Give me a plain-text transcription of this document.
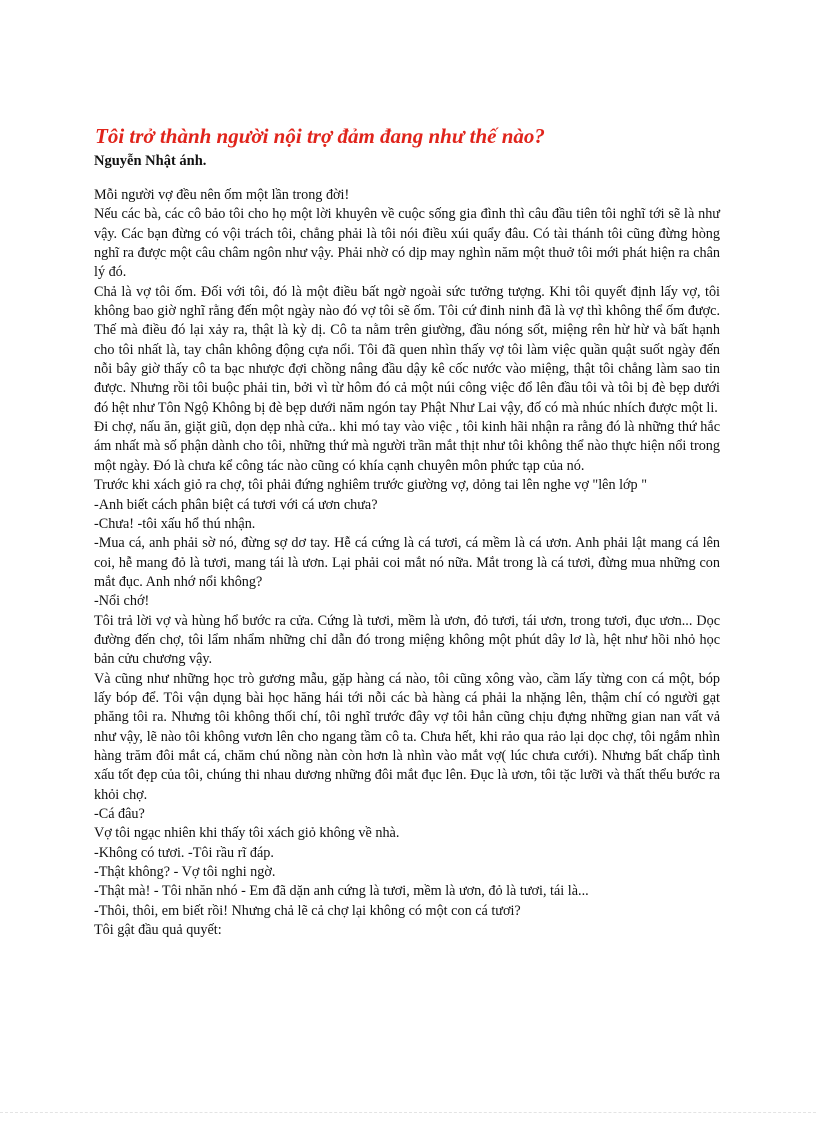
Tôi trở thành người nội trợ đảm đang như thế nào?
Nguyễn Nhật ánh.

Mỗi người vợ đều nên ốm một lần trong đời!

Nếu các bà, các cô bảo tôi cho họ một lời khuyên về cuộc sống gia đình thì câu đầu tiên tôi nghĩ tới sẽ là như vậy. Các bạn đừng có vội trách tôi, chẳng phải là tôi nói điều xúi quẩy đâu. Có tài thánh tôi cũng đừng hòng nghĩ ra được một câu châm ngôn như vậy. Phải nhờ có dịp may nghìn năm một thuở tôi mới phát hiện ra chân lý đó.

Chả là vợ tôi ốm. Đối với tôi, đó là một điều bất ngờ ngoài sức tưởng tượng. Khi tôi quyết định lấy vợ, tôi không bao giờ nghĩ rằng đến một ngày nào đó vợ tôi sẽ ốm. Tôi cứ đinh ninh đã là vợ thì không thể ốm được. Thế mà điều đó lại xảy ra, thật là kỳ dị. Cô ta nằm trên giường, đầu nóng sốt, miệng rên hừ hừ và bất hạnh cho tôi nhất là, tay chân không động cựa nổi. Tôi đã quen nhìn thấy vợ tôi làm việc quần quật suốt ngày đến nỗi bây giờ thấy cô ta bạc nhược đợi chồng nâng đầu dậy kê cốc nước vào miệng, thật tôi chẳng làm sao tin được. Nhưng rồi tôi buộc phải tin, bởi vì từ hôm đó cả một núi công việc đổ lên đầu tôi và tôi bị đè bẹp dưới đó hệt như Tôn Ngộ Không bị đè bẹp dưới năm ngón tay Phật Như Lai vậy, đố có mà nhúc nhích được một li.

Đi chợ, nấu ăn, giặt giũ, dọn dẹp nhà cửa.. khi mó tay vào việc , tôi kinh hãi nhận ra rằng đó là những thứ hắc ám nhất mà số phận dành cho tôi, những thứ mà người trần mắt thịt như tôi không thể nào thực hiện nổi trong một ngày. Đó là chưa kể công tác nào cũng có khía cạnh chuyên môn phức tạp của nó.

Trước khi xách giỏ ra chợ, tôi phải đứng nghiêm trước giường vợ, dỏng tai lên nghe vợ "lên lớp "

-Anh biết cách phân biệt cá tươi với cá ươn chưa?

-Chưa! -tôi xấu hổ thú nhận.

-Mua cá, anh phải sờ nó, đừng sợ dơ tay. Hễ cá cứng là cá tươi, cá mềm là cá ươn. Anh phải lật mang cá lên coi, hễ mang đỏ là tươi, mang tái là ươn. Lại phải coi mắt nó nữa. Mắt trong là cá tươi, đừng mua những con mắt đục. Anh nhớ nổi không?

-Nổi chớ!

Tôi trả lời vợ và hùng hổ bước ra cửa. Cứng là tươi, mềm là ươn, đỏ tươi, tái ươn, trong tươi, đục ươn... Dọc đường đến chợ, tôi lẩm nhẩm những chỉ dẫn đó trong miệng không một phút dây lơ là, hệt như hồi nhỏ học bản cửu chương vậy.

Và cũng như những học trò gương mẫu, gặp hàng cá nào, tôi cũng xông vào, cầm lấy từng con cá một, bóp lấy bóp để. Tôi vận dụng bài học hăng hái tới nỗi các bà hàng cá phải la nhặng lên, thậm chí có người gạt phăng tôi ra. Nhưng tôi không thối chí, tôi nghĩ trước đây vợ tôi hẳn cũng chịu đựng những gian nan vất vả như vậy, lẽ nào tôi không vươn lên cho ngang tầm cô ta. Chưa hết, khi rảo qua rảo lại dọc chợ, tôi ngắm nhìn hàng trăm đôi mắt cá, chăm chú nồng nàn còn hơn là nhìn vào mắt vợ( lúc chưa cưới). Nhưng bất chấp tình xấu tốt đẹp của tôi, chúng thi nhau dương những đôi mắt đục lên. Đục là ươn, tôi tặc lưỡi và thất thểu bước ra khỏi chợ.

-Cá đâu?

Vợ tôi ngạc nhiên khi thấy tôi xách giỏ không về nhà.

-Không có tươi. -Tôi rầu rĩ đáp.

-Thật không? - Vợ tôi nghi ngờ.

-Thật mà! - Tôi nhăn nhó - Em đã dặn anh cứng là tươi, mềm là ươn, đỏ là tươi, tái là...

-Thôi, thôi, em biết rồi! Nhưng chả lẽ cả chợ lại không có một con cá tươi?

Tôi gật đầu quả quyết:
